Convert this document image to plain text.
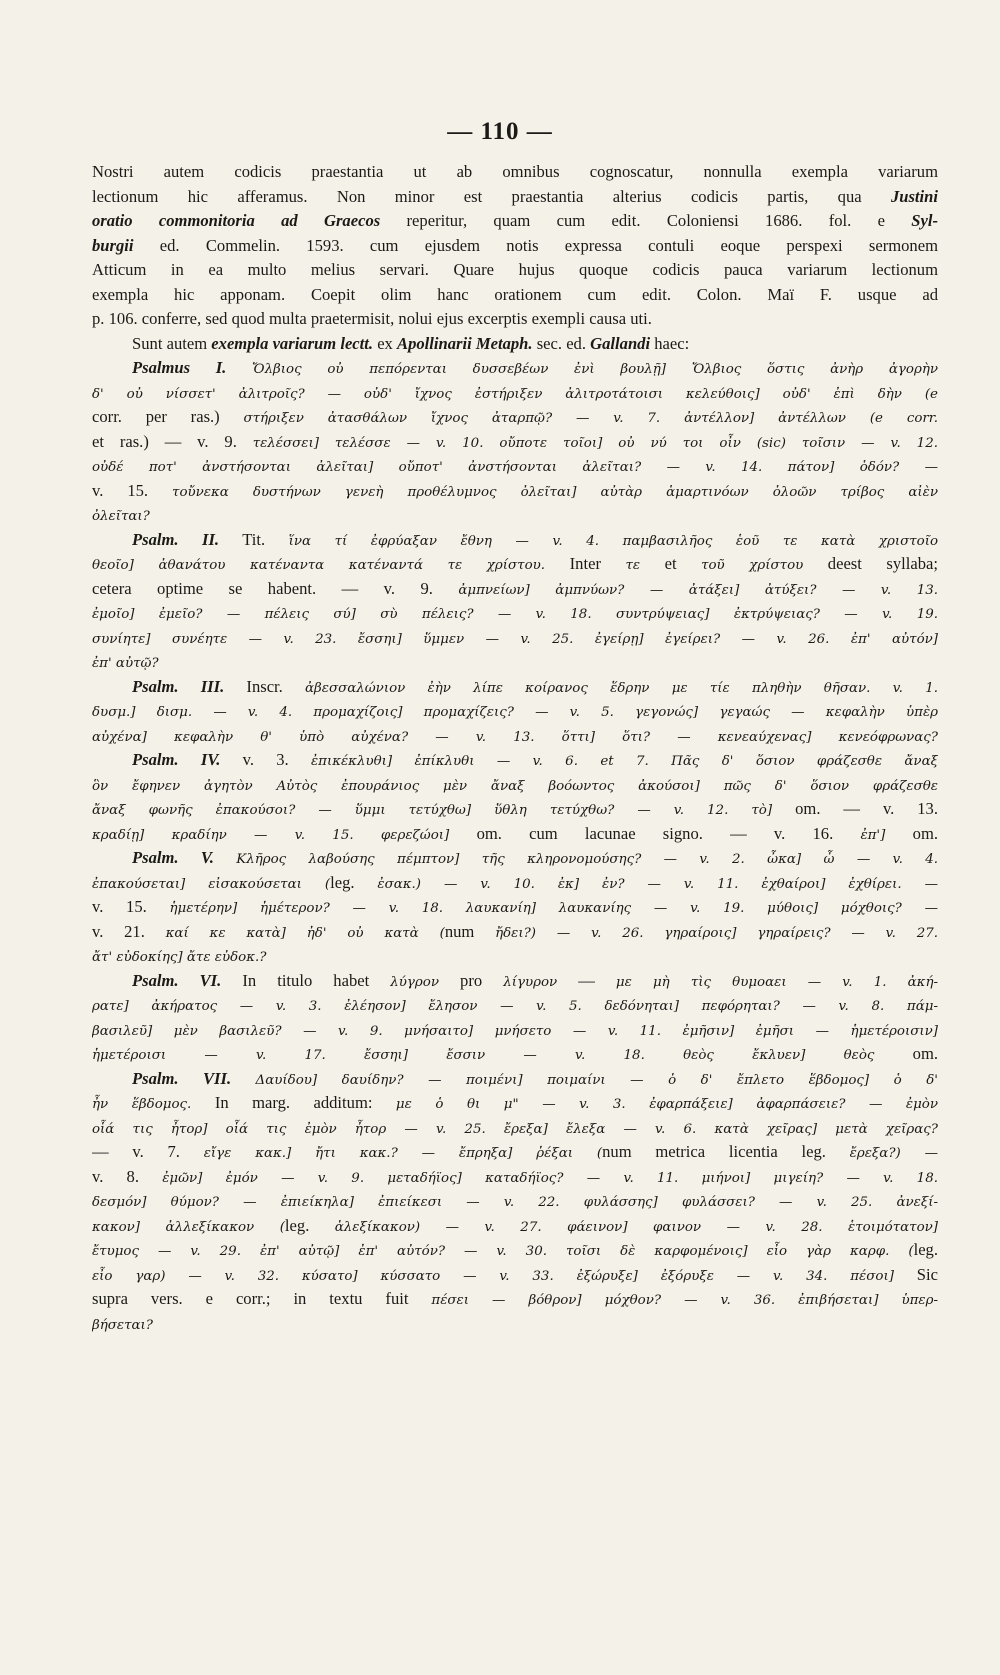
— 110 —
Nostri autem codicis praestantia ut ab omnibus cognoscatur, nonnulla exempla variarum
lectionum hic afferamus. Non minor est praestantia alterius codicis partis, qua Justini
oratio commonitoria ad Graecos reperitur, quam cum edit. Coloniensi 1686. fol. e Syl-
burgii ed. Commelin. 1593. cum ejusdem notis expressa contuli eoque perspexi sermonem
Atticum in ea multo melius servari. Quare hujus quoque codicis pauca variarum lectionum
exempla hic apponam. Coepit olim hanc orationem cum edit. Colon. Maï F. usque ad
p. 106. conferre, sed quod multa praetermisit, nolui ejus excerptis exempli causa uti.
Sunt autem exempla variarum lectt. ex Apollinarii Metaph. sec. ed. Gallandi haec:
Psalmus I. Ὄλβιος οὐ πεπόρενται δυσσεβέων ἐνὶ βουλῇ] Ὄλβιος ὅστις ἀνὴρ ἀγορὴν
δ' οὐ νίσσετ' ἀλιτροῖς? — οὐδ' ἴχνος ἐστήριξεν ἀλιτροτάτοισι κελεύθοις] οὐδ' ἐπὶ δὴν (e
corr. per ras.) στήριξεν ἀτασθάλων ἴχνος ἀταρπῷ? — v. 7. ἀντέλλον] ἀντέλλων (e corr.
et ras.) — v. 9. τελέσσει] τελέσσε — v. 10. οὔποτε τοῖοι] οὐ νύ τοι οἶν (sic) τοῖσιν — v. 12.
οὐδέ ποτ' ἀνστήσονται ἀλεῖται] οὔποτ' ἀνστήσονται ἀλεῖται? — v. 14. πάτον] ὁδόν? —
v. 15. τοὔνεκα δυστήνων γενεὴ προθέλυμνος ὀλεῖται] αὐτὰρ ἁμαρτινόων ὀλοῶν τρίβος αἰὲν
ὀλεῖται?
Psalm. II. Tit. ἵνα τί ἐφρύαξαν ἔθνη — v. 4. παμβασιλῆος ἑοῦ τε κατὰ χριστοῖο
θεοῖο] ἀθανάτου κατέναντα κατέναντά τε χρίστου. Inter τε et τοῦ χρίστου deest syllaba;
cetera optime se habent. — v. 9. ἀμπνείων] ἀμπνύων? — ἀτάξει] ἀτύξει? — v. 13.
ἐμοῖο] ἐμεῖο? — πέλεις σύ] σὺ πέλεις? — v. 18. συντρύψειας] ἐκτρύψειας? — v. 19.
συνίητε] συνέητε — v. 23. ἔσσηι] ὕμμεν — v. 25. ἐγείρῃ] ἐγείρει? — v. 26. ἐπ' αὐτόν]
ἐπ' αὐτῷ?
Psalm. III. Inscr. ἀβεσσαλώνιον ἐὴν λίπε κοίρανος ἕδρην με τίε πληθὴν θῆσαν. v. 1.
δυσμ.] δισμ. — v. 4. προμαχίζοις] προμαχίζεις? — v. 5. γεγονώς] γεγαώς — κεφαλὴν ὑπὲρ
αὐχένα] κεφαλὴν θ' ὑπὸ αὐχένα? — v. 13. ὅττι] ὅτι? — κενεαύχενας] κενεόφρωνας?
Psalm. IV. v. 3. ἐπικέκλυθι] ἐπίκλυθι — v. 6. et 7. Πᾶς δ' ὅσιον φράζεσθε ἄναξ
ὃν ἔφηνεν ἀγητὸν Αὐτὸς ἐπουράνιος μὲν ἄναξ βοόωντος ἀκούσοι] πῶς δ' ὅσιον φράζεσθε
ἄναξ φωνῆς ἐπακούσοι? — ὕμμι τετύχθω] ὕθλη τετύχθω? — v. 12. τὸ] om. — v. 13.
κραδίῃ] κραδίην — v. 15. φερεζώοι] om. cum lacunae signo. — v. 16. ἐπ'] om.
Psalm. V. Κλῆρος λαβούσης πέμπτον] τῆς κληρονομούσης? — v. 2. ὦκα] ὦ — v. 4.
ἐπακούσεται] εἰσακούσεται (leg. ἐσακ.) — v. 10. ἐκ] ἐν? — v. 11. ἐχθαίροι] ἐχθίρει. —
v. 15. ἡμετέρην] ἡμέτερον? — v. 18. λαυκανίη] λαυκανίης — v. 19. μύθοις] μόχθοις? —
v. 21. καί κε κατὰ] ἠδ' οὐ κατὰ (num ἤδει?) — v. 26. γηραίροις] γηραίρεις? — v. 27.
ἄτ' εὐδοκίης] ἄτε εὐδοκ.?
Psalm. VI. In titulo habet λύγρον pro λίγυρον — με μὴ τὶς θυμοαει — v. 1. ἀκή-
ρατε] ἀκήρατος — v. 3. ἐλέησον] ἔλησον — v. 5. δεδόνηται] πεφόρηται? — v. 8. πάμ-
βασιλεῦ] μὲν βασιλεῦ? — v. 9. μνήσαιτο] μνήσετο — v. 11. ἐμῆσιν] ἐμῆσι — ἡμετέροισιν]
ἡμετέροισι — v. 17. ἔσσηι] ἔσσιν — v. 18. θεὸς ἔκλυεν] θεὸς om.
Psalm. VII. Δαυίδου] δαυίδην? — ποιμένι] ποιμαίνι — ὁ δ' ἔπλετο ἕβδομος] ὁ δ'
ἦν ἕβδομος. In marg. additum: με ὁ θι μ" — v. 3. ἐφαρπάξειε] ἀφαρπάσειε? — ἐμὸν
οἷά τις ἦτορ] οἷά τις ἐμὸν ἦτορ — v. 25. ἔρεξα] ἔλεξα — v. 6. κατὰ χεῖρας] μετὰ χεῖρας?
— v. 7. εἴγε κακ.] ἤτι κακ.? — ἔπρηξα] ῥέξαι (num metrica licentia leg. ἔρεξα?) —
v. 8. ἐμῶν] ἐμόν — v. 9. μεταδήϊος] καταδήϊος? — v. 11. μιήνοι] μιγείη? — v. 18.
δεσμόν] θύμον? — ἐπιείκηλα] ἐπιείκεσι — v. 22. φυλάσσης] φυλάσσει? — v. 25. ἀνεξί-
κακον] ἀλλεξίκακον (leg. ἀλεξίκακον) — v. 27. φάεινον] φαινον — v. 28. ἑτοιμότατον]
ἔτυμος — v. 29. ἐπ' αὐτῷ] ἐπ' αὐτόν? — v. 30. τοῖσι δὲ καρφομένοις] εἶο γὰρ καρφ. (leg.
εἶο γαρ) — v. 32. κύσατο] κύσσατο — v. 33. ἐξώρυξε] ἐξόρυξε — v. 34. πέσοι] Sic
supra vers. e corr.; in textu fuit πέσει — βόθρον] μόχθον? — v. 36. ἐπιβήσεται] ὑπερ-
βήσεται?
